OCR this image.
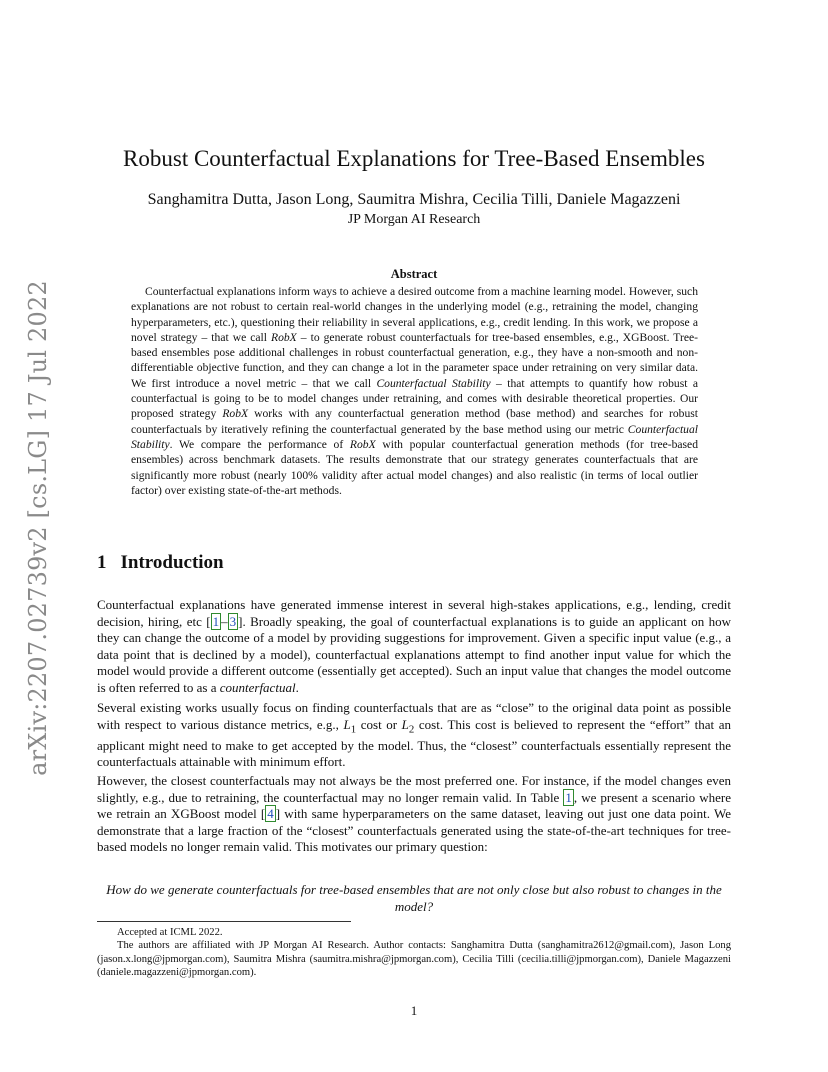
arXiv:2207.02739v2 [cs.LG] 17 Jul 2022
Robust Counterfactual Explanations for Tree-Based Ensembles
Sanghamitra Dutta, Jason Long, Saumitra Mishra, Cecilia Tilli, Daniele Magazzeni
JP Morgan AI Research
Abstract

Counterfactual explanations inform ways to achieve a desired outcome from a machine learning model. However, such explanations are not robust to certain real-world changes in the underlying model (e.g., retraining the model, changing hyperparameters, etc.), questioning their reliability in several applications, e.g., credit lending. In this work, we propose a novel strategy – that we call RobX – to generate robust counterfactuals for tree-based ensembles, e.g., XGBoost. Tree-based ensembles pose additional challenges in robust counterfactual generation, e.g., they have a non-smooth and non-differentiable objective function, and they can change a lot in the parameter space under retraining on very similar data. We first introduce a novel metric – that we call Counterfactual Stability – that attempts to quantify how robust a counterfactual is going to be to model changes under retraining, and comes with desirable theoretical properties. Our proposed strategy RobX works with any counterfactual generation method (base method) and searches for robust counterfactuals by iteratively refining the counterfactual generated by the base method using our metric Counterfactual Stability. We compare the performance of RobX with popular counterfactual generation methods (for tree-based ensembles) across benchmark datasets. The results demonstrate that our strategy generates counterfactuals that are significantly more robust (nearly 100% validity after actual model changes) and also realistic (in terms of local outlier factor) over existing state-of-the-art methods.

1 Introduction

Counterfactual explanations have generated immense interest in several high-stakes applications, e.g., lending, credit decision, hiring, etc [ 1 – 3 ]. Broadly speaking, the goal of counterfactual explanations is to guide an applicant on how they can change the outcome of a model by providing suggestions for improvement. Given a specific input value (e.g., a data point that is declined by a model), counterfactual explanations attempt to find another input value for which the model would provide a different outcome (essentially get accepted). Such an input value that changes the model outcome is often referred to as a counterfactual.

Several existing works usually focus on finding counterfactuals that are as “close” to the original data point as possible with respect to various distance metrics, e.g., $L_1$ cost or $L_2$ cost. This cost is believed to represent the “effort” that an applicant might need to make to get accepted by the model. Thus, the “closest” counterfactuals essentially represent the counterfactuals attainable with minimum effort.

However, the closest counterfactuals may not always be the most preferred one. For instance, if the model changes even slightly, e.g., due to retraining, the counterfactual may no longer remain valid. In Table 1 , we present a scenario where we retrain an XGBoost model [ 4 ] with same hyperparameters on the same dataset, leaving out just one data point. We demonstrate that a large fraction of the “closest” counterfactuals generated using the state-of-the-art techniques for tree-based models no longer remain valid. This motivates our primary question:

How do we generate counterfactuals for tree-based ensembles that are not only close but also robust to changes in the model?

Accepted at ICML 2022.

The authors are affiliated with JP Morgan AI Research. Author contacts: Sanghamitra Dutta (sanghamitra2612@gmail.com), Jason Long (jason.x.long@jpmorgan.com), Saumitra Mishra (saumitra.mishra@jpmorgan.com), Cecilia Tilli (cecilia.tilli@jpmorgan.com), Daniele Magazzeni (daniele.magazzeni@jpmorgan.com).

1
